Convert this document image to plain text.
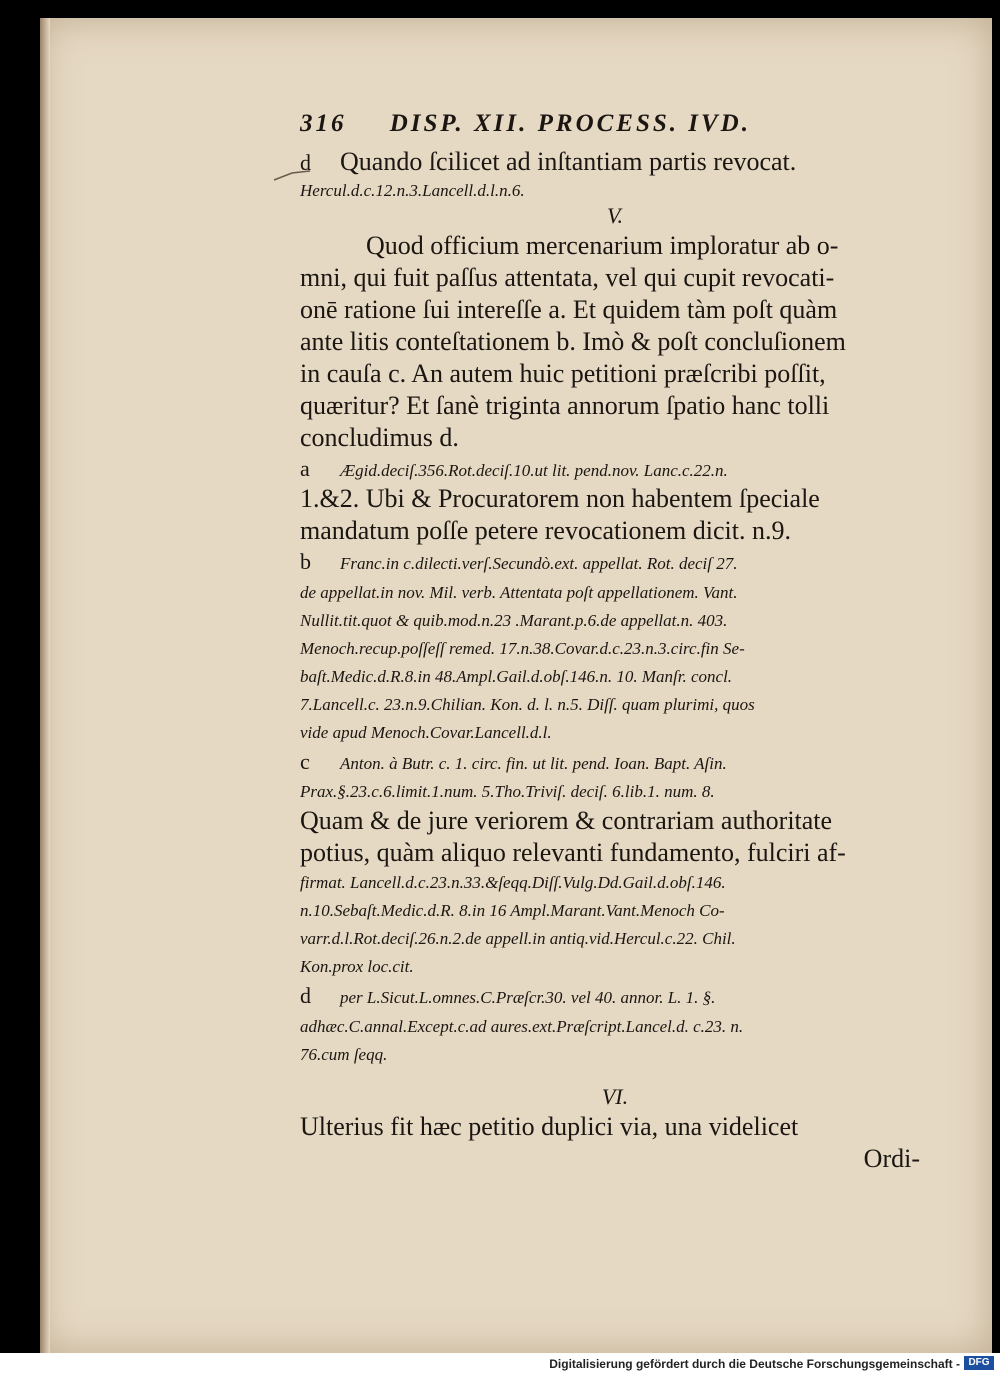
316 DISP. XII. PROCESS. IVD.
d Quando ſcilicet ad inſtantiam partis revocat.
Hercul.d.c.12.n.3.Lancell.d.l.n.6.
V.
Quod officium mercenarium imploratur ab o-
mni, qui fuit paſſus attentata, vel qui cupit revocati-
onē ratione ſui intereſſe a. Et quidem tàm poſt quàm
ante litis conteſtationem b. Imò & poſt concluſionem
in cauſa c. An autem huic petitioni præſcribi poſſit,
quæritur? Et ſanè triginta annorum ſpatio hanc tolli
concludimus d.
a Ægid.deciſ.356.Rot.deciſ.10.ut lit. pend.nov. Lanc.c.22.n.
1.&2. Ubi & Procuratorem non habentem ſpeciale
mandatum poſſe petere revocationem dicit. n.9.
b Franc.in c.dilecti.verſ.Secundò.ext. appellat. Rot. deciſ 27.
de appellat.in nov. Mil. verb. Attentata poſt appellationem. Vant.
Nullit.tit.quot & quib.mod.n.23 .Marant.p.6.de appellat.n. 403.
Menoch.recup.poſſeſſ remed. 17.n.38.Covar.d.c.23.n.3.circ.fin Se-
baſt.Medic.d.R.8.in 48.Ampl.Gail.d.obſ.146.n. 10. Manſr. concl.
7.Lancell.c. 23.n.9.Chilian. Kon. d. l. n.5. Diſſ. quam plurimi, quos
vide apud Menoch.Covar.Lancell.d.l.
c Anton. à Butr. c. 1. circ. fin. ut lit. pend. Ioan. Bapt. Aſin.
Prax.§.23.c.6.limit.1.num. 5.Tho.Triviſ. deciſ. 6.lib.1. num. 8.
Quam & de jure veriorem & contrariam authoritate
potius, quàm aliquo relevanti fundamento, fulciri af-
firmat. Lancell.d.c.23.n.33.&ſeqq.Diſſ.Vulg.Dd.Gail.d.obſ.146.
n.10.Sebaſt.Medic.d.R. 8.in 16 Ampl.Marant.Vant.Menoch Co-
varr.d.l.Rot.deciſ.26.n.2.de appell.in antiq.vid.Hercul.c.22. Chil.
Kon.prox loc.cit.
d per L.Sicut.L.omnes.C.Præſcr.30. vel 40. annor. L. 1. §.
adhæc.C.annal.Except.c.ad aures.ext.Præſcript.Lancel.d. c.23. n.
76.cum ſeqq.
VI.
Ulterius fit hæc petitio duplici via, una videlicet
Ordi-
Digitalisierung gefördert durch die Deutsche Forschungsgemeinschaft - DFG
